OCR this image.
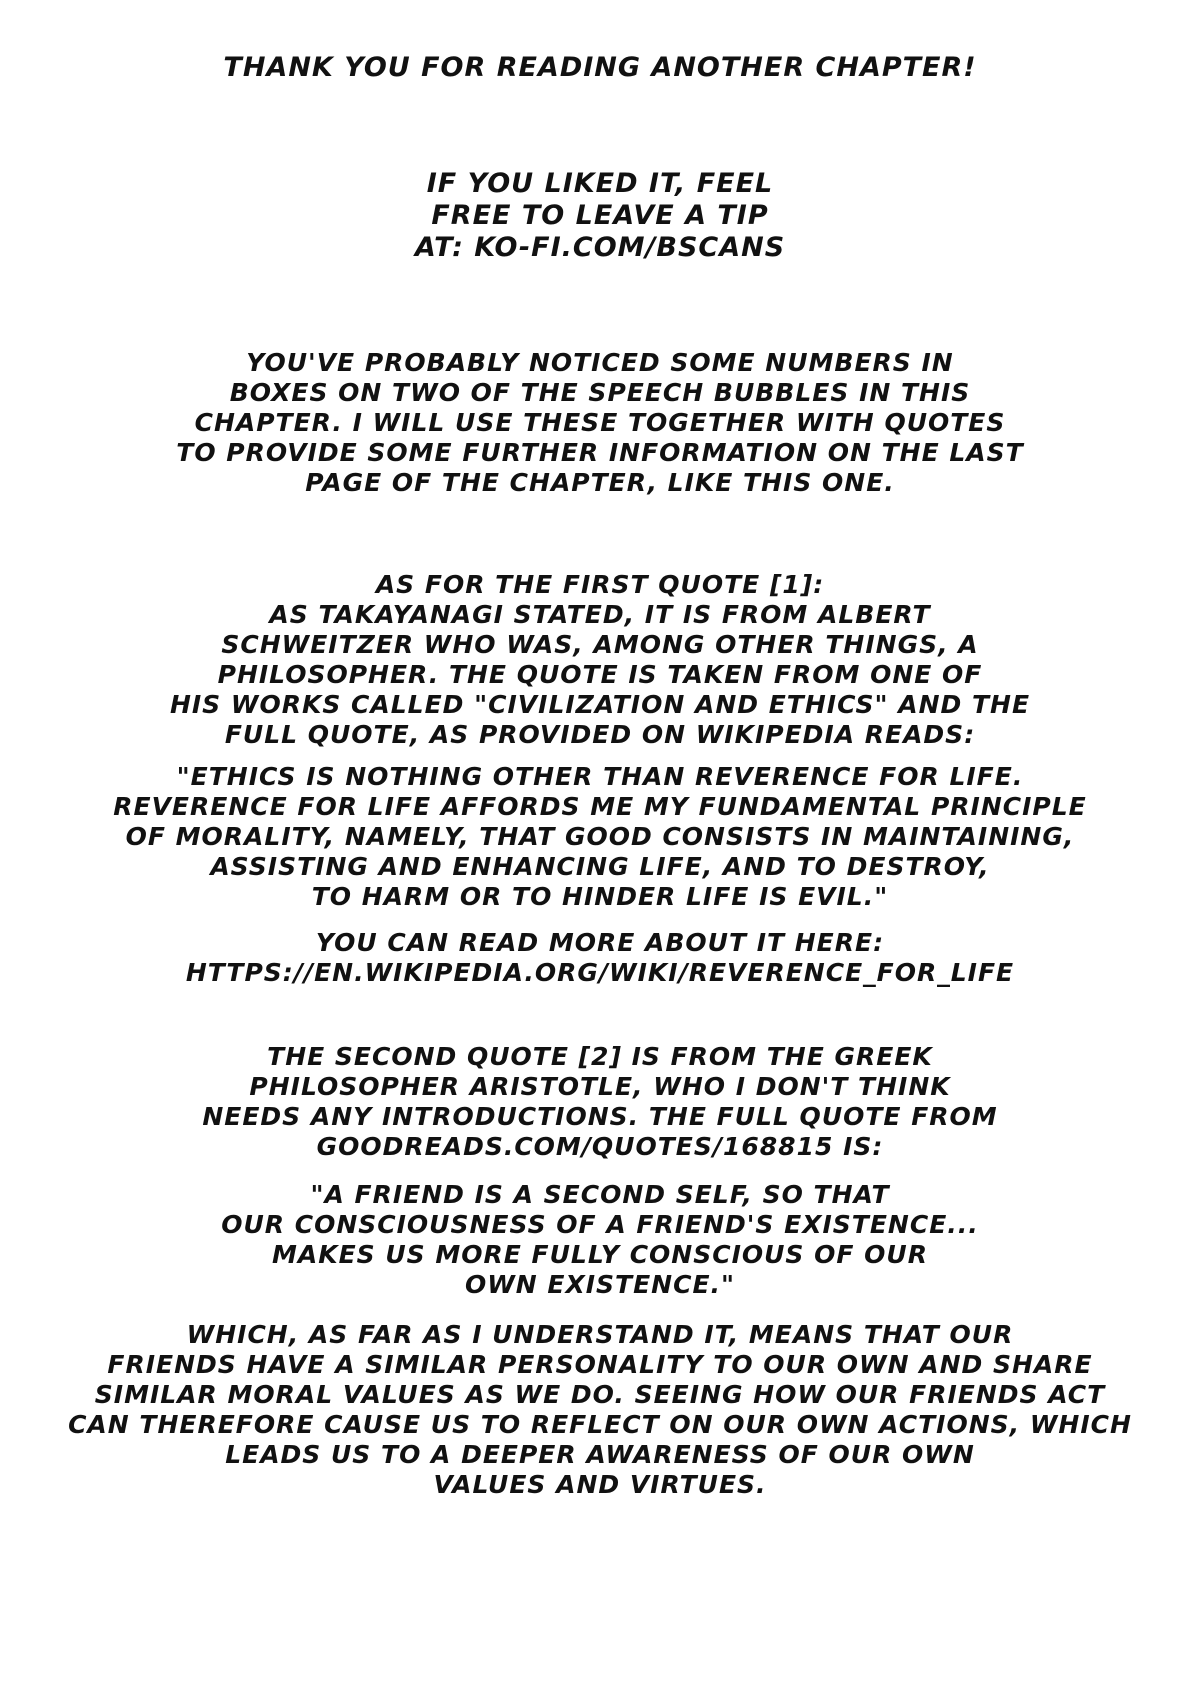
THANK YOU FOR READING ANOTHER CHAPTER!
IF YOU LIKED IT, FEEL
FREE TO LEAVE A TIP
AT: KO-FI.COM/BSCANS
YOU'VE PROBABLY NOTICED SOME NUMBERS IN
BOXES ON TWO OF THE SPEECH BUBBLES IN THIS
CHAPTER. I WILL USE THESE TOGETHER WITH QUOTES
TO PROVIDE SOME FURTHER INFORMATION ON THE LAST
PAGE OF THE CHAPTER, LIKE THIS ONE.
AS FOR THE FIRST QUOTE [1]:
AS TAKAYANAGI STATED, IT IS FROM ALBERT
SCHWEITZER WHO WAS, AMONG OTHER THINGS, A
PHILOSOPHER. THE QUOTE IS TAKEN FROM ONE OF
HIS WORKS CALLED "CIVILIZATION AND ETHICS" AND THE
FULL QUOTE, AS PROVIDED ON WIKIPEDIA READS:
"ETHICS IS NOTHING OTHER THAN REVERENCE FOR LIFE.
REVERENCE FOR LIFE AFFORDS ME MY FUNDAMENTAL PRINCIPLE
OF MORALITY, NAMELY, THAT GOOD CONSISTS IN MAINTAINING,
ASSISTING AND ENHANCING LIFE, AND TO DESTROY,
TO HARM OR TO HINDER LIFE IS EVIL."
YOU CAN READ MORE ABOUT IT HERE:
HTTPS://EN.WIKIPEDIA.ORG/WIKI/REVERENCE_FOR_LIFE
THE SECOND QUOTE [2] IS FROM THE GREEK
PHILOSOPHER ARISTOTLE, WHO I DON'T THINK
NEEDS ANY INTRODUCTIONS. THE FULL QUOTE FROM
GOODREADS.COM/QUOTES/168815 IS:
"A FRIEND IS A SECOND SELF, SO THAT
OUR CONSCIOUSNESS OF A FRIEND'S EXISTENCE...
MAKES US MORE FULLY CONSCIOUS OF OUR
OWN EXISTENCE."
WHICH, AS FAR AS I UNDERSTAND IT, MEANS THAT OUR
FRIENDS HAVE A SIMILAR PERSONALITY TO OUR OWN AND SHARE
SIMILAR MORAL VALUES AS WE DO. SEEING HOW OUR FRIENDS ACT
CAN THEREFORE CAUSE US TO REFLECT ON OUR OWN ACTIONS, WHICH
LEADS US TO A DEEPER AWARENESS OF OUR OWN
VALUES AND VIRTUES.
